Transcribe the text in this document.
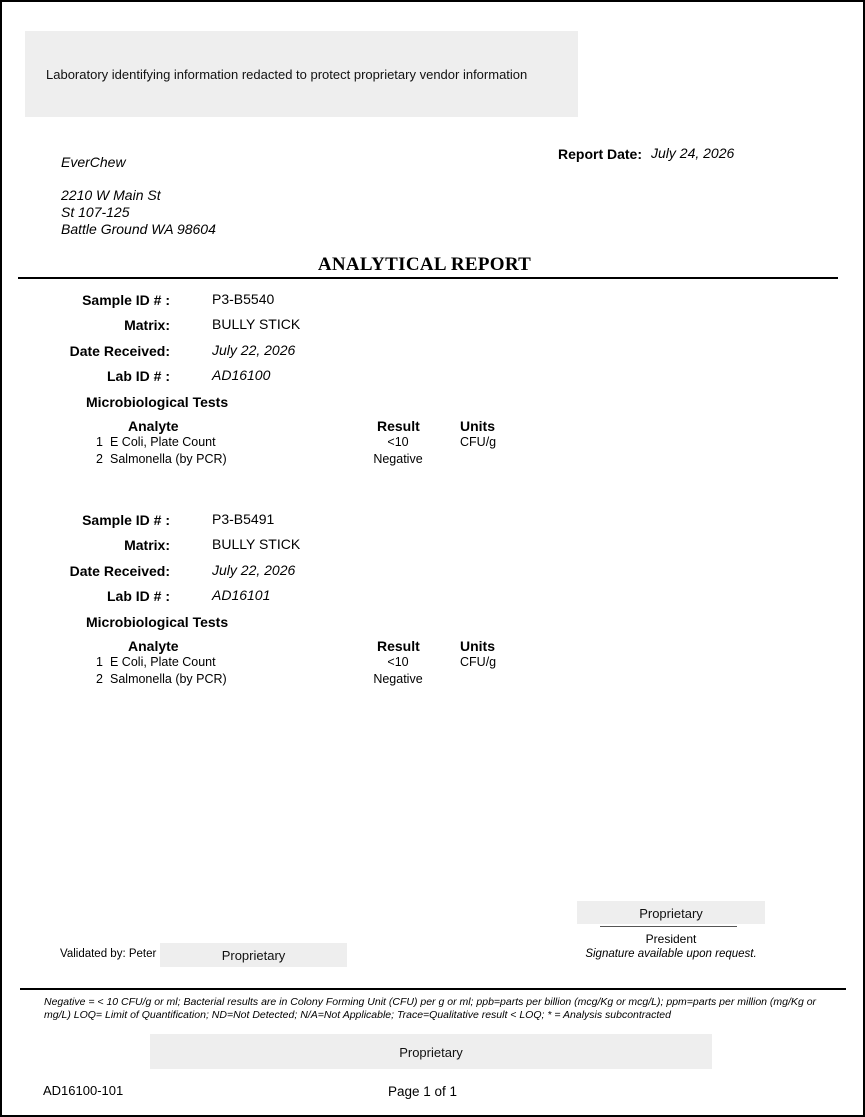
Laboratory identifying information redacted to protect proprietary vendor information
EverChew
2210 W Main St
St 107-125
Battle Ground WA 98604
Report Date: July 24, 2026
ANALYTICAL REPORT
Sample ID # :	P3-B5540
Matrix:	BULLY STICK
Date Received:	July 22, 2026
Lab ID # :	AD16100
Microbiological Tests
Analyte	Result	Units
1 E Coli, Plate Count	<10	CFU/g
2 Salmonella (by PCR)	Negative
Sample ID # :	P3-B5491
Matrix:	BULLY STICK
Date Received:	July 22, 2026
Lab ID # :	AD16101
Microbiological Tests
Analyte	Result	Units
1 E Coli, Plate Count	<10	CFU/g
2 Salmonella (by PCR)	Negative
Proprietary
President
Signature available upon request.
Validated by: Peter	Proprietary
Negative = < 10 CFU/g or ml; Bacterial results are in Colony Forming Unit (CFU) per g or ml; ppb=parts per billion (mcg/Kg or mcg/L); ppm=parts per million (mg/Kg or mg/L) LOQ= Limit of Quantification; ND=Not Detected; N/A=Not Applicable; Trace=Qualitative result < LOQ; * = Analysis subcontracted
Proprietary
AD16100-101	Page 1 of 1
